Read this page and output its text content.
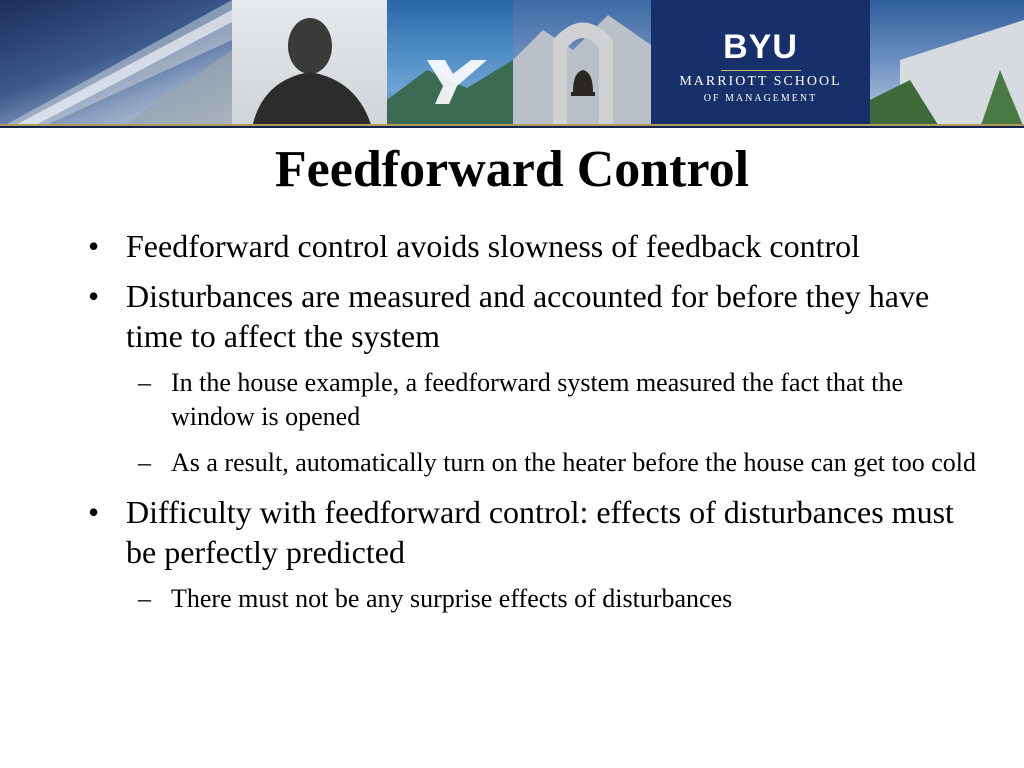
BYU
MARRIOTT SCHOOL
OF MANAGEMENT
Feedforward Control
• Feedforward control avoids slowness of feedback control
• Disturbances are measured and accounted for before they have time to affect the system
– In the house example, a feedforward system measured the fact that the window is opened
– As a result, automatically turn on the heater before the house can get too cold
• Difficulty with feedforward control: effects of disturbances must be perfectly predicted
– There must not be any surprise effects of disturbances
